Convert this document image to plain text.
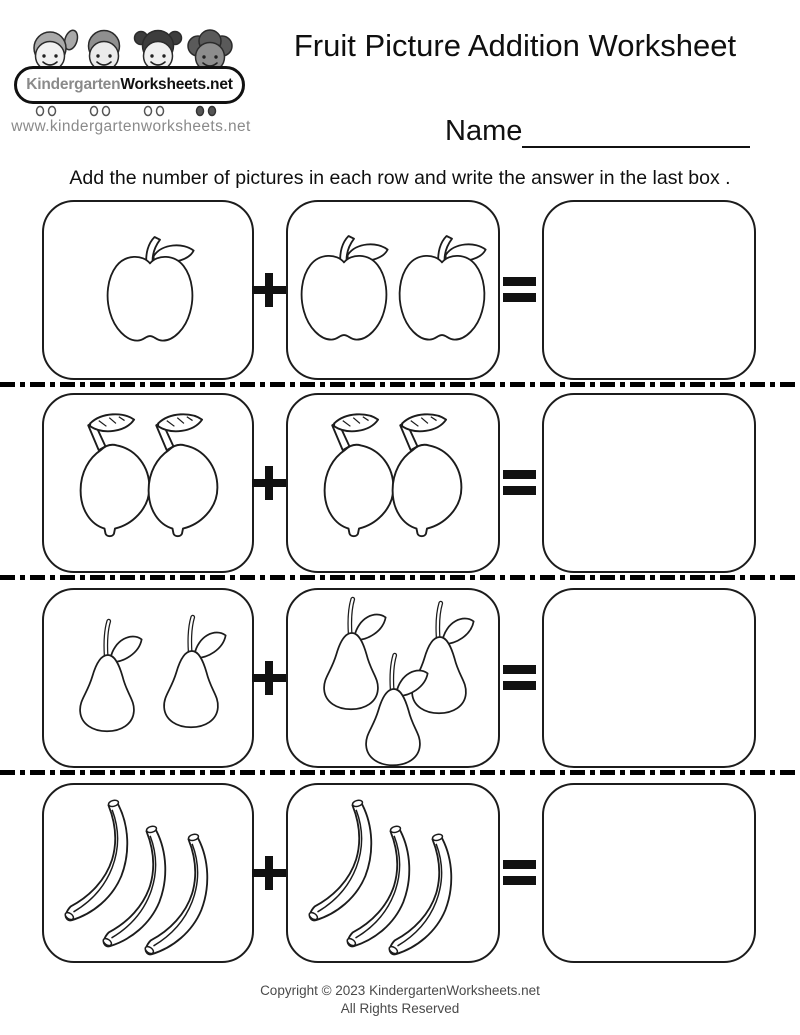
Kindergarten Worksheets.net
www.kindergartenworksheets.net
Fruit Picture Addition Worksheet
Name
Add the number of pictures in each row and write the answer in the last box .
Copyright © 2023 KindergartenWorksheets.net
All Rights Reserved
